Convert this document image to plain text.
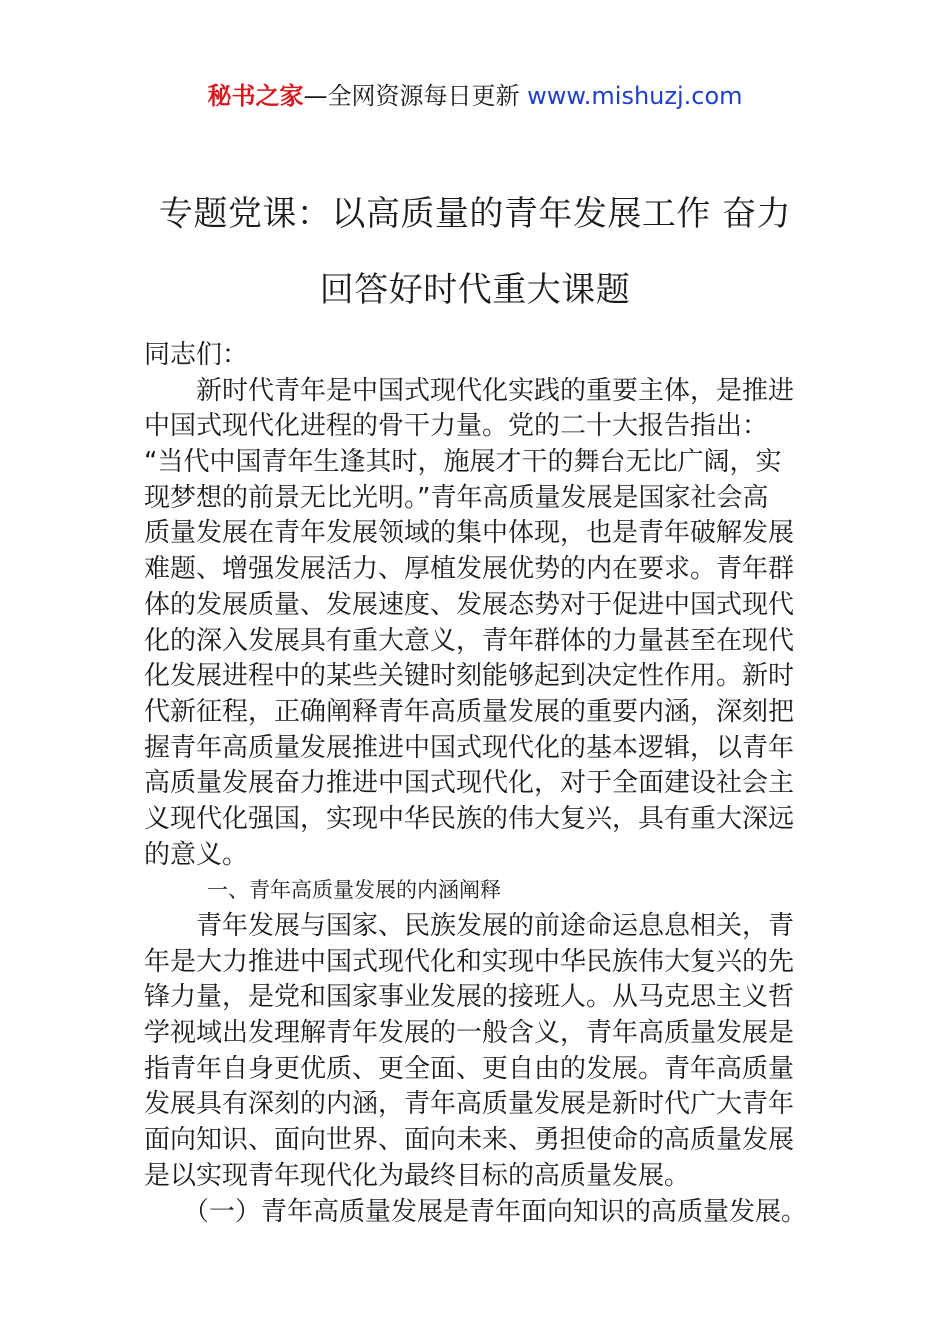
秘书之家—全网资源每日更新 www.mishuzj.com
专题党课：以高质量的青年发展工作 奋力
回答好时代重大课题
同志们：
　　新时代青年是中国式现代化实践的重要主体，是推进
中国式现代化进程的骨干力量。党的二十大报告指出：
“当代中国青年生逢其时，施展才干的舞台无比广阔，实
现梦想的前景无比光明。”青年高质量发展是国家社会高
质量发展在青年发展领域的集中体现，也是青年破解发展
难题、增强发展活力、厚植发展优势的内在要求。青年群
体的发展质量、发展速度、发展态势对于促进中国式现代
化的深入发展具有重大意义，青年群体的力量甚至在现代
化发展进程中的某些关键时刻能够起到决定性作用。新时
代新征程，正确阐释青年高质量发展的重要内涵，深刻把
握青年高质量发展推进中国式现代化的基本逻辑，以青年
高质量发展奋力推进中国式现代化，对于全面建设社会主
义现代化强国，实现中华民族的伟大复兴，具有重大深远
的意义。
　　　一、青年高质量发展的内涵阐释
　　青年发展与国家、民族发展的前途命运息息相关，青
年是大力推进中国式现代化和实现中华民族伟大复兴的先
锋力量，是党和国家事业发展的接班人。从马克思主义哲
学视域出发理解青年发展的一般含义，青年高质量发展是
指青年自身更优质、更全面、更自由的发展。青年高质量
发展具有深刻的内涵，青年高质量发展是新时代广大青年
面向知识、面向世界、面向未来、勇担使命的高质量发展
是以实现青年现代化为最终目标的高质量发展。
　　（一）青年高质量发展是青年面向知识的高质量发展。
